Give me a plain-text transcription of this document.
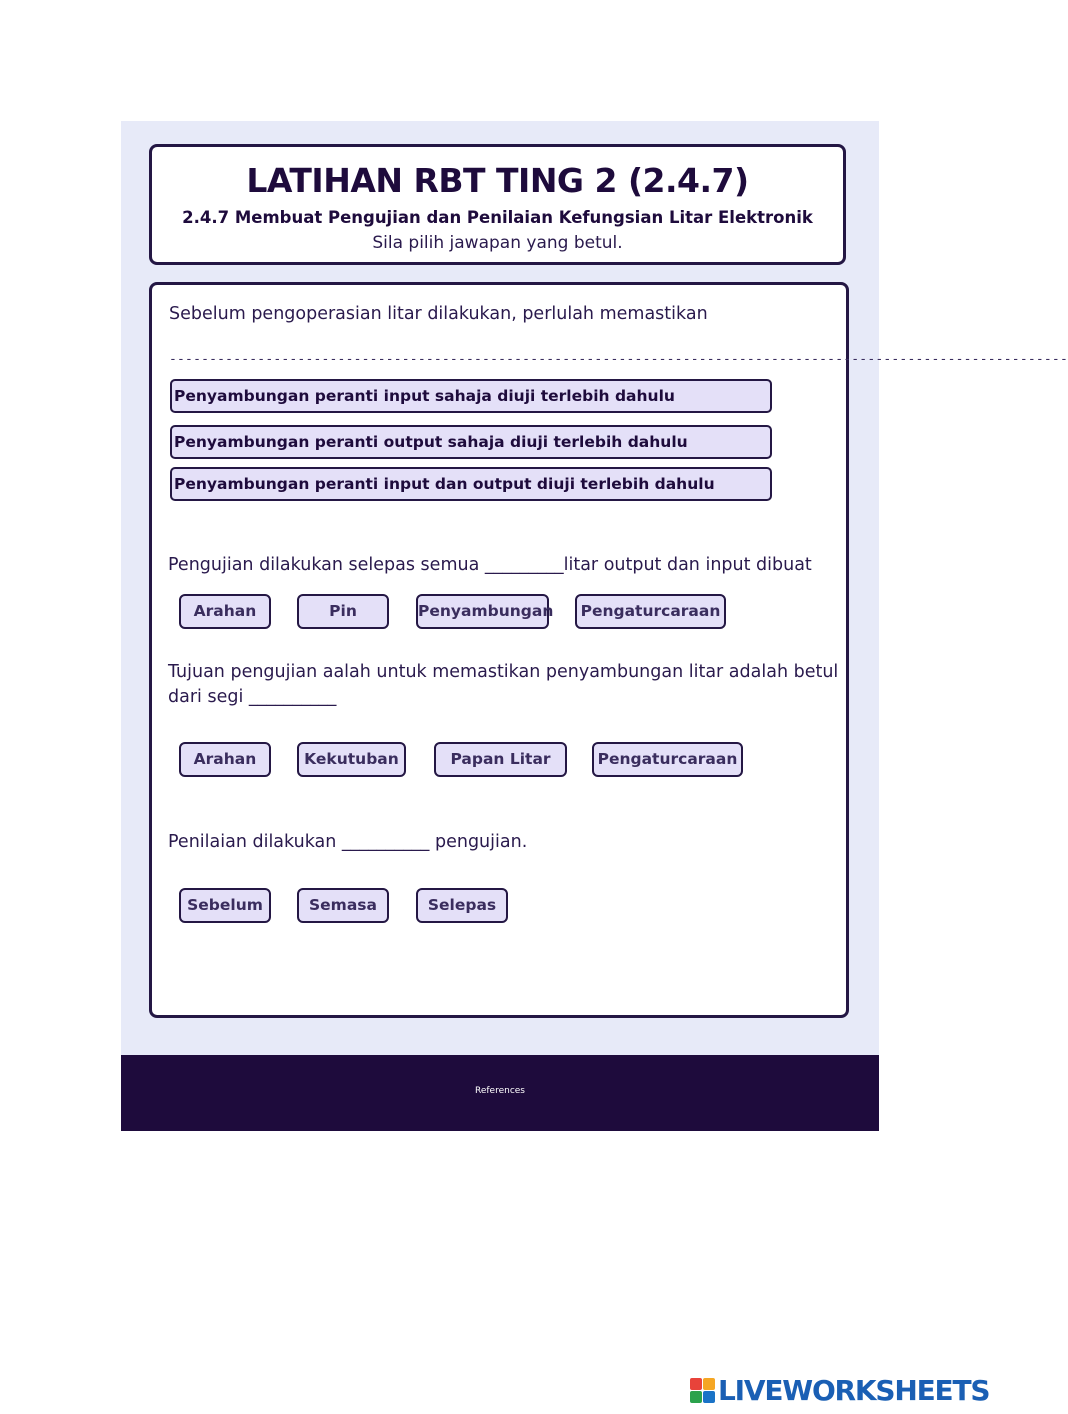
LATIHAN RBT TING 2 (2.4.7)
2.4.7 Membuat Pengujian dan Penilaian Kefungsian Litar Elektronik
Sila pilih jawapan yang betul.

Sebelum pengoperasian litar dilakukan, perlulah memastikan

----------------------------------------------------------------------------------------------------------------
Penyambungan peranti input sahaja diuji terlebih dahulu
Penyambungan peranti output sahaja diuji terlebih dahulu
Penyambungan peranti input dan output diuji terlebih dahulu

Pengujian dilakukan selepas semua _________litar output dan input dibuat

Arahan	Pin	Penyambungan	Pengaturcaraan

Tujuan pengujian aalah untuk memastikan penyambungan litar adalah betul

dari segi __________

Arahan	Kekutuban	Papan Litar	Pengaturcaraan

Penilaian dilakukan __________ pengujian.

Sebelum	Semasa	Selepas
References
LIVEWORKSHEETS
